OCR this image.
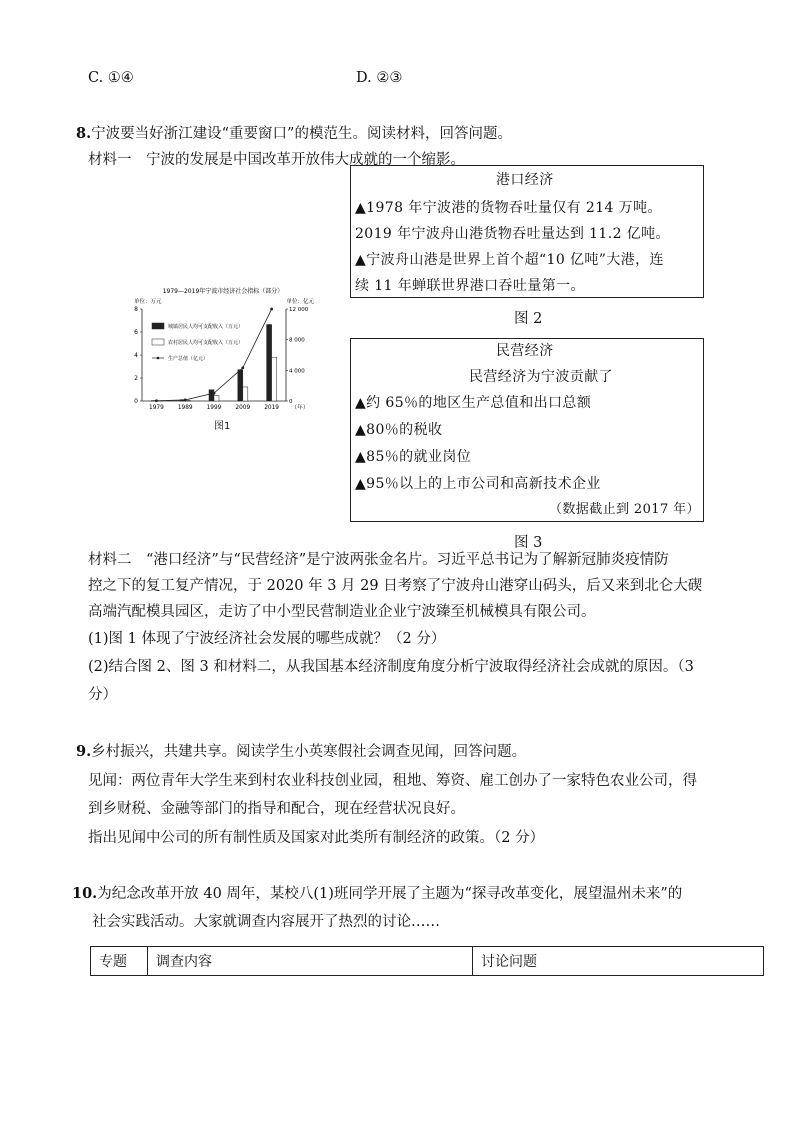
C. ①④	D. ②③
8.宁波要当好浙江建设“重要窗口”的模范生。阅读材料，回答问题。
材料一　宁波的发展是中国改革开放伟大成就的一个缩影。
1979—2019年宁波市经济社会指标（部分）
单位：万元	单位：亿元
0
2
4
6
8
0
4 000
8 000
12 000
1979 1989 1999 2009 2019 （年）
城镇居民人均可支配收入（万元）
农村居民人均可支配收入（万元）
生产总值（亿元）
图1
港口经济
▲1978 年宁波港的货物吞吐量仅有 214 万吨。
2019 年宁波舟山港货物吞吐量达到 11.2 亿吨。
▲宁波舟山港是世界上首个超“10 亿吨”大港，连
续 11 年蝉联世界港口吞吐量第一。
图 2
民营经济
民营经济为宁波贡献了
▲约 65％的地区生产总值和出口总额
▲80％的税收
▲85％的就业岗位
▲95％以上的上市公司和高新技术企业
（数据截止到 2017 年）
图 3
材料二　“港口经济”与“民营经济”是宁波两张金名片。习近平总书记为了解新冠肺炎疫情防
控之下的复工复产情况，于 2020 年 3 月 29 日考察了宁波舟山港穿山码头，后又来到北仑大碶
高端汽配模具园区，走访了中小型民营制造业企业宁波臻至机械模具有限公司。
(1)图 1 体现了宁波经济社会发展的哪些成就？（2 分）
(2)结合图 2、图 3 和材料二，从我国基本经济制度角度分析宁波取得经济社会成就的原因。（3
分）
9.乡村振兴，共建共享。阅读学生小英寒假社会调查见闻，回答问题。
见闻：两位青年大学生来到村农业科技创业园，租地、筹资、雇工创办了一家特色农业公司，得
到乡财税、金融等部门的指导和配合，现在经营状况良好。
指出见闻中公司的所有制性质及国家对此类所有制经济的政策。（2 分）
10.为纪念改革开放 40 周年，某校八(1)班同学开展了主题为“探寻改革变化，展望温州未来”的
社会实践活动。大家就调查内容展开了热烈的讨论……
专题	调查内容	讨论问题
